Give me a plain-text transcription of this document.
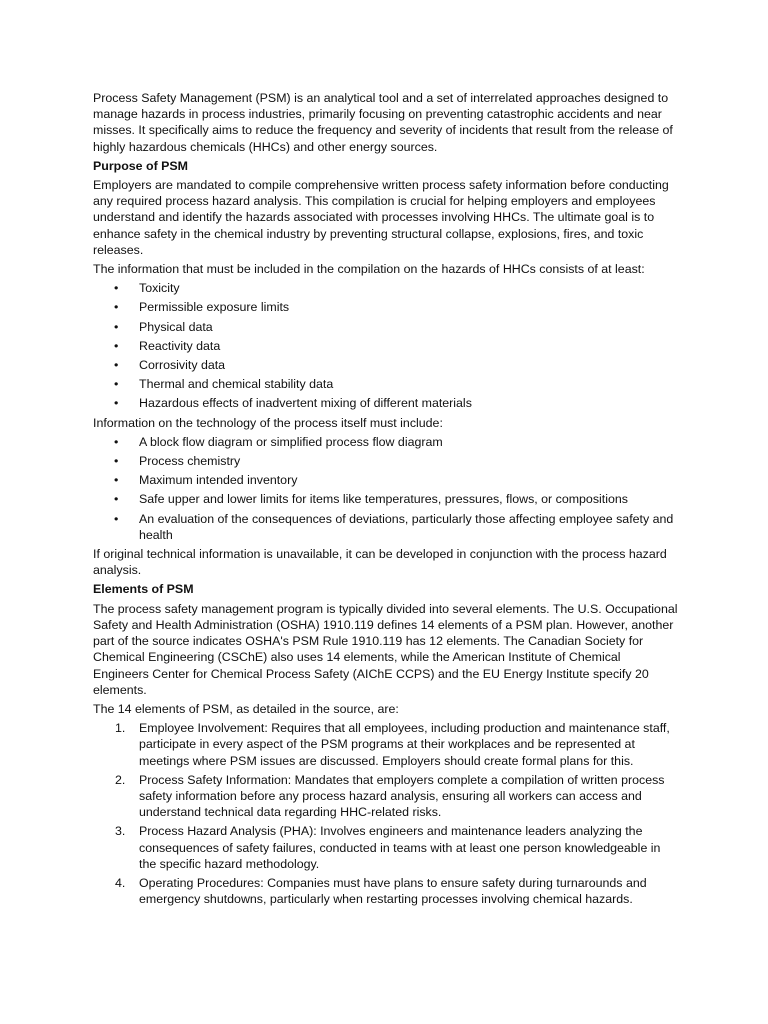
Process Safety Management (PSM) is an analytical tool and a set of interrelated approaches designed to manage hazards in process industries, primarily focusing on preventing catastrophic accidents and near misses. It specifically aims to reduce the frequency and severity of incidents that result from the release of highly hazardous chemicals (HHCs) and other energy sources.

Purpose of PSM

Employers are mandated to compile comprehensive written process safety information before conducting any required process hazard analysis. This compilation is crucial for helping employers and employees understand and identify the hazards associated with processes involving HHCs. The ultimate goal is to enhance safety in the chemical industry by preventing structural collapse, explosions, fires, and toxic releases.

The information that must be included in the compilation on the hazards of HHCs consists of at least:

• Toxicity
• Permissible exposure limits
• Physical data
• Reactivity data
• Corrosivity data
• Thermal and chemical stability data
• Hazardous effects of inadvertent mixing of different materials

Information on the technology of the process itself must include:

• A block flow diagram or simplified process flow diagram
• Process chemistry
• Maximum intended inventory
• Safe upper and lower limits for items like temperatures, pressures, flows, or compositions
• An evaluation of the consequences of deviations, particularly those affecting employee safety and health

If original technical information is unavailable, it can be developed in conjunction with the process hazard analysis.

Elements of PSM

The process safety management program is typically divided into several elements. The U.S. Occupational Safety and Health Administration (OSHA) 1910.119 defines 14 elements of a PSM plan. However, another part of the source indicates OSHA's PSM Rule 1910.119 has 12 elements. The Canadian Society for Chemical Engineering (CSChE) also uses 14 elements, while the American Institute of Chemical Engineers Center for Chemical Process Safety (AIChE CCPS) and the EU Energy Institute specify 20 elements.

The 14 elements of PSM, as detailed in the source, are:

1. Employee Involvement: Requires that all employees, including production and maintenance staff, participate in every aspect of the PSM programs at their workplaces and be represented at meetings where PSM issues are discussed. Employers should create formal plans for this.
2. Process Safety Information: Mandates that employers complete a compilation of written process safety information before any process hazard analysis, ensuring all workers can access and understand technical data regarding HHC-related risks.
3. Process Hazard Analysis (PHA): Involves engineers and maintenance leaders analyzing the consequences of safety failures, conducted in teams with at least one person knowledgeable in the specific hazard methodology.
4. Operating Procedures: Companies must have plans to ensure safety during turnarounds and emergency shutdowns, particularly when restarting processes involving chemical hazards.
